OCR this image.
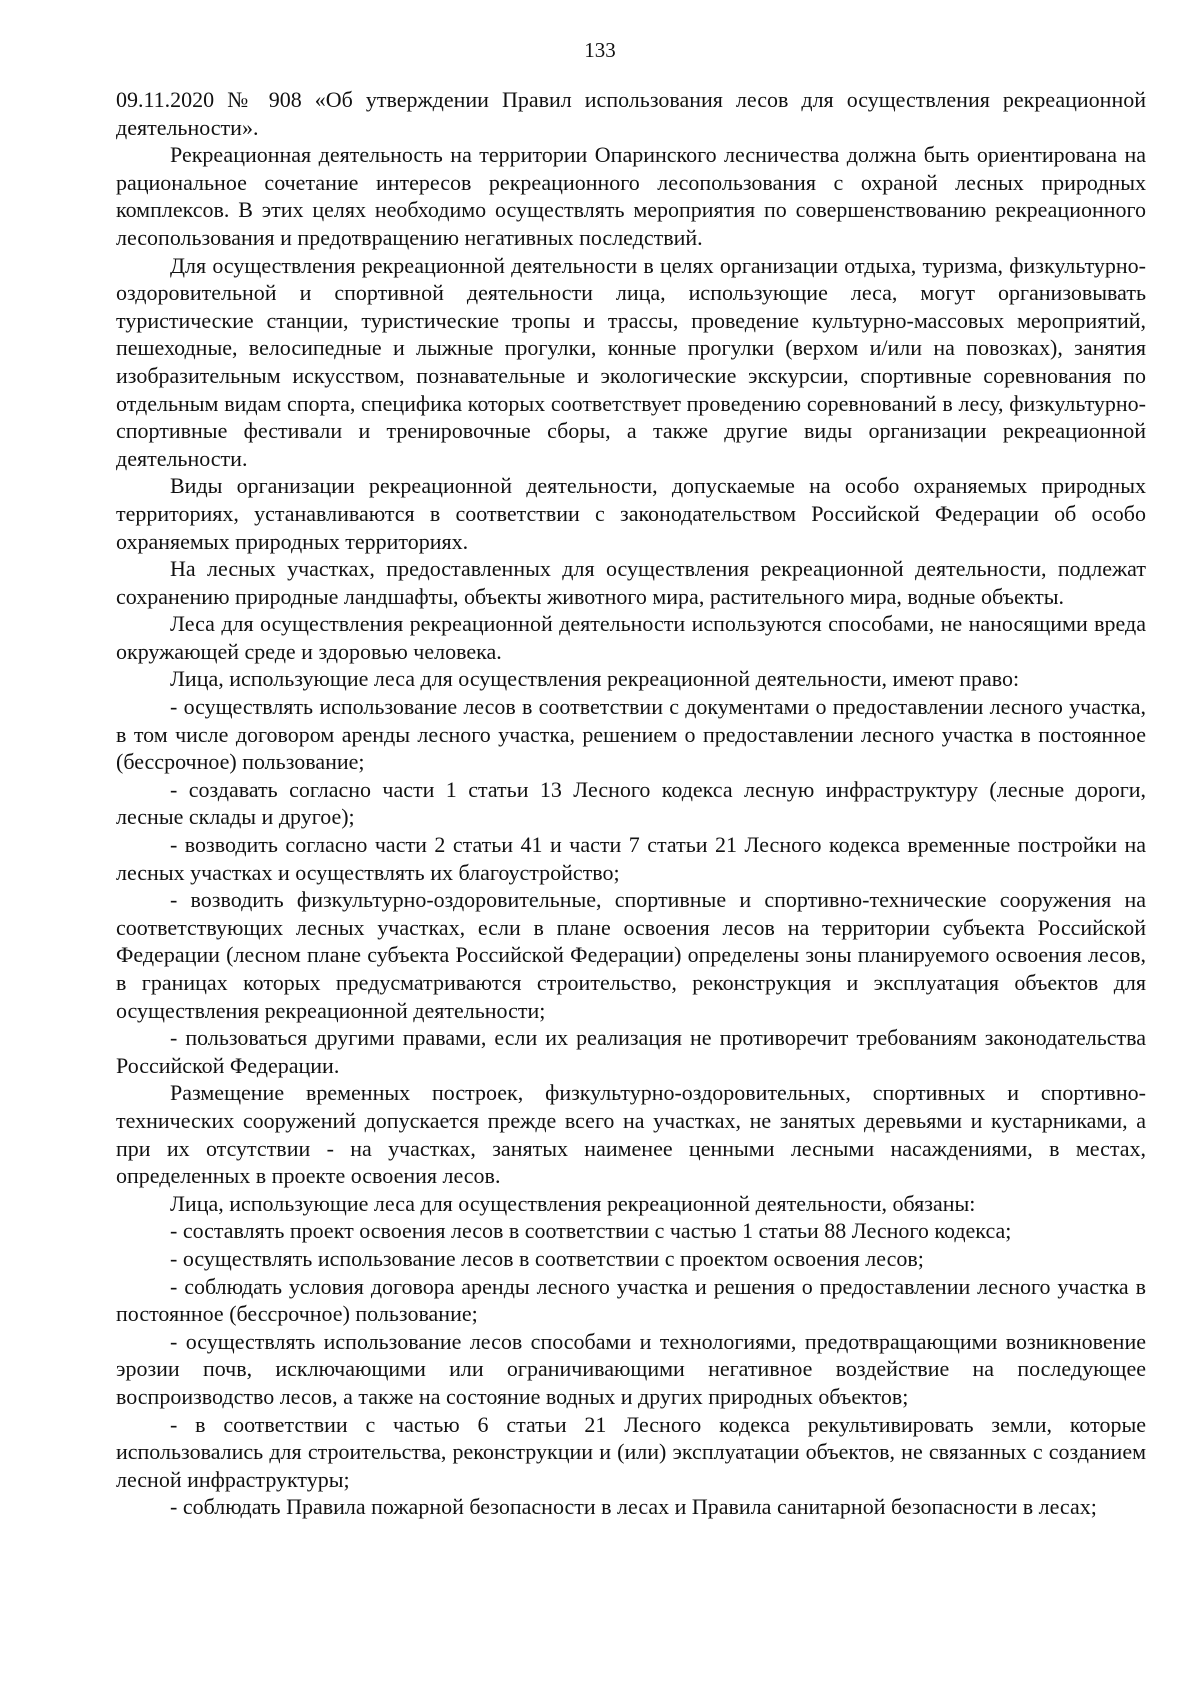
133

09.11.2020 № 908 «Об утверждении Правил использования лесов для осуществления рекреационной деятельности».

Рекреационная деятельность на территории Опаринского лесничества должна быть ориентирована на рациональное сочетание интересов рекреационного лесопользования с охраной лесных природных комплексов. В этих целях необходимо осуществлять мероприятия по совершенствованию рекреационного лесопользования и предотвращению негативных последствий.

Для осуществления рекреационной деятельности в целях организации отдыха, туризма, физкультурно-оздоровительной и спортивной деятельности лица, использующие леса, могут организовывать туристические станции, туристические тропы и трассы, проведение культурно-массовых мероприятий, пешеходные, велосипедные и лыжные прогулки, конные прогулки (верхом и/или на повозках), занятия изобразительным искусством, познавательные и экологические экскурсии, спортивные соревнования по отдельным видам спорта, специфика которых соответствует проведению соревнований в лесу, физкультурно-спортивные фестивали и тренировочные сборы, а также другие виды организации рекреационной деятельности.

Виды организации рекреационной деятельности, допускаемые на особо охраняемых природных территориях, устанавливаются в соответствии с законодательством Российской Федерации об особо охраняемых природных территориях.

На лесных участках, предоставленных для осуществления рекреационной деятельности, подлежат сохранению природные ландшафты, объекты животного мира, растительного мира, водные объекты.

Леса для осуществления рекреационной деятельности используются способами, не наносящими вреда окружающей среде и здоровью человека.

Лица, использующие леса для осуществления рекреационной деятельности, имеют право:

- осуществлять использование лесов в соответствии с документами о предоставлении лесного участка, в том числе договором аренды лесного участка, решением о предоставлении лесного участка в постоянное (бессрочное) пользование;

- создавать согласно части 1 статьи 13 Лесного кодекса лесную инфраструктуру (лесные дороги, лесные склады и другое);

- возводить согласно части 2 статьи 41 и части 7 статьи 21 Лесного кодекса временные постройки на лесных участках и осуществлять их благоустройство;

- возводить физкультурно-оздоровительные, спортивные и спортивно-технические сооружения на соответствующих лесных участках, если в плане освоения лесов на территории субъекта Российской Федерации (лесном плане субъекта Российской Федерации) определены зоны планируемого освоения лесов, в границах которых предусматриваются строительство, реконструкция и эксплуатация объектов для осуществления рекреационной деятельности;

- пользоваться другими правами, если их реализация не противоречит требованиям законодательства Российской Федерации.

Размещение временных построек, физкультурно-оздоровительных, спортивных и спортивно-технических сооружений допускается прежде всего на участках, не занятых деревьями и кустарниками, а при их отсутствии - на участках, занятых наименее ценными лесными насаждениями, в местах, определенных в проекте освоения лесов.

Лица, использующие леса для осуществления рекреационной деятельности, обязаны:

- составлять проект освоения лесов в соответствии с частью 1 статьи 88 Лесного кодекса;

- осуществлять использование лесов в соответствии с проектом освоения лесов;

- соблюдать условия договора аренды лесного участка и решения о предоставлении лесного участка в постоянное (бессрочное) пользование;

- осуществлять использование лесов способами и технологиями, предотвращающими возникновение эрозии почв, исключающими или ограничивающими негативное воздействие на последующее воспроизводство лесов, а также на состояние водных и других природных объектов;

- в соответствии с частью 6 статьи 21 Лесного кодекса рекультивировать земли, которые использовались для строительства, реконструкции и (или) эксплуатации объектов, не связанных с созданием лесной инфраструктуры;

- соблюдать Правила пожарной безопасности в лесах и Правила санитарной безопасности в лесах;
